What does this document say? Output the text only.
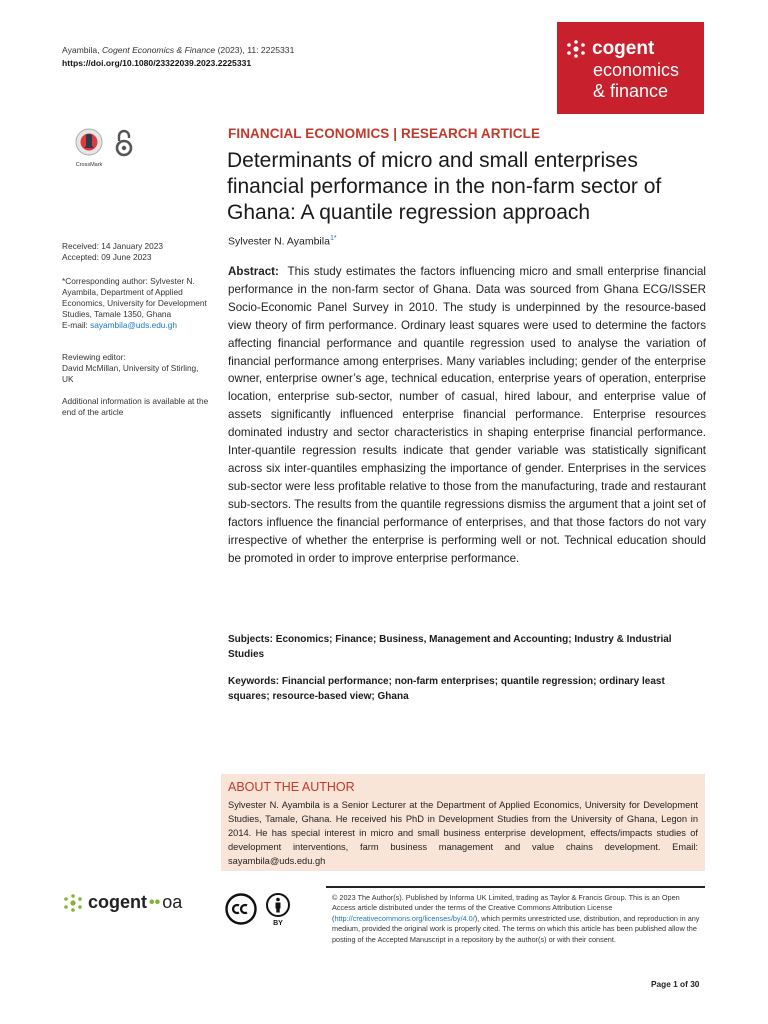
Ayambila, Cogent Economics & Finance (2023), 11: 2225331
https://doi.org/10.1080/23322039.2023.2225331
cogent
economics
& finance
CrossMark
FINANCIAL ECONOMICS | RESEARCH ARTICLE
Determinants of micro and small enterprises financial performance in the non-farm sector of Ghana: A quantile regression approach
Sylvester N. Ayambila$^{1*}$
Received: 14 January 2023
Accepted: 09 June 2023
*Corresponding author: Sylvester N. Ayambila, Department of Applied Economics, University for Development Studies, Tamale 1350, Ghana
E-mail: sayambila@uds.edu.gh
Reviewing editor:
David McMillan, University of Stirling, UK
Additional information is available at the end of the article
Abstract: This study estimates the factors influencing micro and small enterprise financial performance in the non-farm sector of Ghana. Data was sourced from Ghana ECG/ISSER Socio-Economic Panel Survey in 2010. The study is underpinned by the resource-based view theory of firm performance. Ordinary least squares were used to determine the factors affecting financial performance and quantile regression used to analyse the variation of financial performance among enterprises. Many variables including; gender of the enterprise owner, enterprise owner’s age, technical education, enterprise years of operation, enterprise location, enterprise sub-sector, number of casual, hired labour, and enterprise value of assets significantly influenced enterprise financial performance. Enterprise resources dominated industry and sector characteristics in shaping enterprise financial performance. Inter-quantile regression results indicate that gender variable was statistically significant across six inter-quantiles emphasizing the importance of gender. Enterprises in the services sub-sector were less profitable relative to those from the manufacturing, trade and restaurant sub-sectors. The results from the quantile regressions dismiss the argument that a joint set of factors influence the financial performance of enterprises, and that those factors do not vary irrespective of whether the enterprise is performing well or not. Technical education should be promoted in order to improve enterprise performance.
Subjects: Economics; Finance; Business, Management and Accounting; Industry & Industrial Studies
Keywords: Financial performance; non-farm enterprises; quantile regression; ordinary least squares; resource-based view; Ghana
ABOUT THE AUTHOR
Sylvester N. Ayambila is a Senior Lecturer at the Department of Applied Economics, University for Development Studies, Tamale, Ghana. He received his PhD in Development Studies from the University of Ghana, Legon in 2014. He has special interest in micro and small business enterprise development, effects/impacts studies of development interventions, farm business management and value chains development. Email: sayambila@uds.edu.gh
cogent •• oa
BY
© 2023 The Author(s). Published by Informa UK Limited, trading as Taylor & Francis Group. This is an Open Access article distributed under the terms of the Creative Commons Attribution License (http://creativecommons.org/licenses/by/4.0/), which permits unrestricted use, distribution, and reproduction in any medium, provided the original work is properly cited. The terms on which this article has been published allow the posting of the Accepted Manuscript in a repository by the author(s) or with their consent.
Page 1 of 30
